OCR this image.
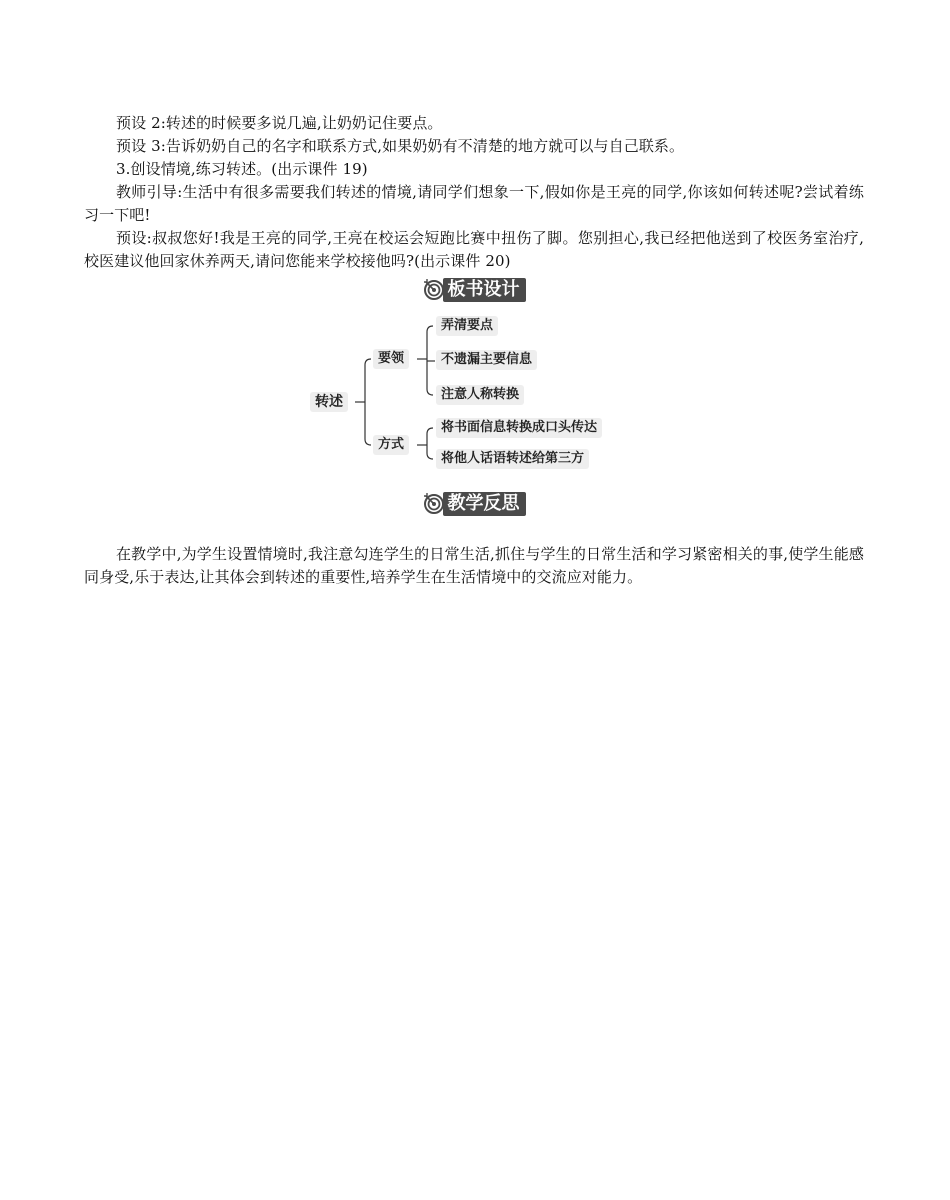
预设 2:转述的时候要多说几遍,让奶奶记住要点。

预设 3:告诉奶奶自己的名字和联系方式,如果奶奶有不清楚的地方就可以与自己联系。

3.创设情境,练习转述。(出示课件 19)

教师引导:生活中有很多需要我们转述的情境,请同学们想象一下,假如你是王亮的同学,你该如何转述呢?尝试着练习一下吧!

预设:叔叔您好!我是王亮的同学,王亮在校运会短跑比赛中扭伤了脚。您别担心,我已经把他送到了校医务室治疗,校医建议他回家休养两天,请问您能来学校接他吗?(出示课件 20)

板书设计
转述
要领
弄清要点
不遗漏主要信息
注意人称转换
方式
将书面信息转换成口头传达
将他人话语转述给第三方
教学反思

在教学中,为学生设置情境时,我注意勾连学生的日常生活,抓住与学生的日常生活和学习紧密相关的事,使学生能感同身受,乐于表达,让其体会到转述的重要性,培养学生在生活情境中的交流应对能力。
